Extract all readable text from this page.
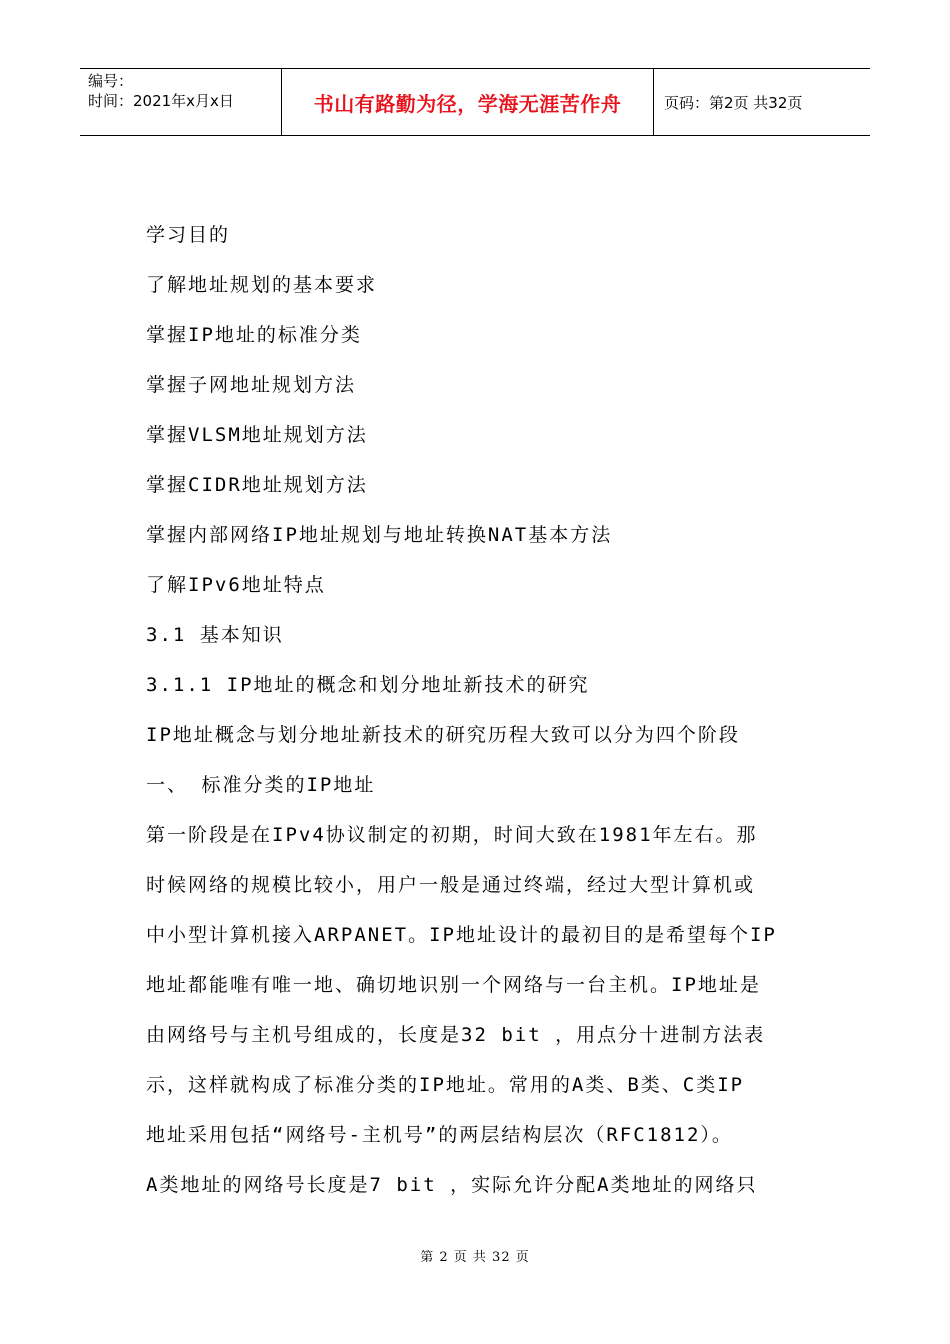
编号：
时间：2021年x月x日	书山有路勤为径，学海无涯苦作舟	页码：第2页 共32页
学习目的
了解地址规划的基本要求
掌握IP地址的标准分类
掌握子网地址规划方法
掌握VLSM地址规划方法
掌握CIDR地址规划方法
掌握内部网络IP地址规划与地址转换NAT基本方法
了解IPv6地址特点
3.1 基本知识
3.1.1 IP地址的概念和划分地址新技术的研究
IP地址概念与划分地址新技术的研究历程大致可以分为四个阶段
一、 标准分类的IP地址
第一阶段是在IPv4协议制定的初期，时间大致在1981年左右。那
时候网络的规模比较小，用户一般是通过终端，经过大型计算机或
中小型计算机接入ARPANET。IP地址设计的最初目的是希望每个IP
地址都能唯有唯一地、确切地识别一个网络与一台主机。IP地址是
由网络号与主机号组成的，长度是32 bit ，用点分十进制方法表
示，这样就构成了标准分类的IP地址。常用的A类、B类、C类IP
地址采用包括“网络号-主机号”的两层结构层次（RFC1812）。
A类地址的网络号长度是7 bit ，实际允许分配A类地址的网络只
第 2 页 共 32 页
